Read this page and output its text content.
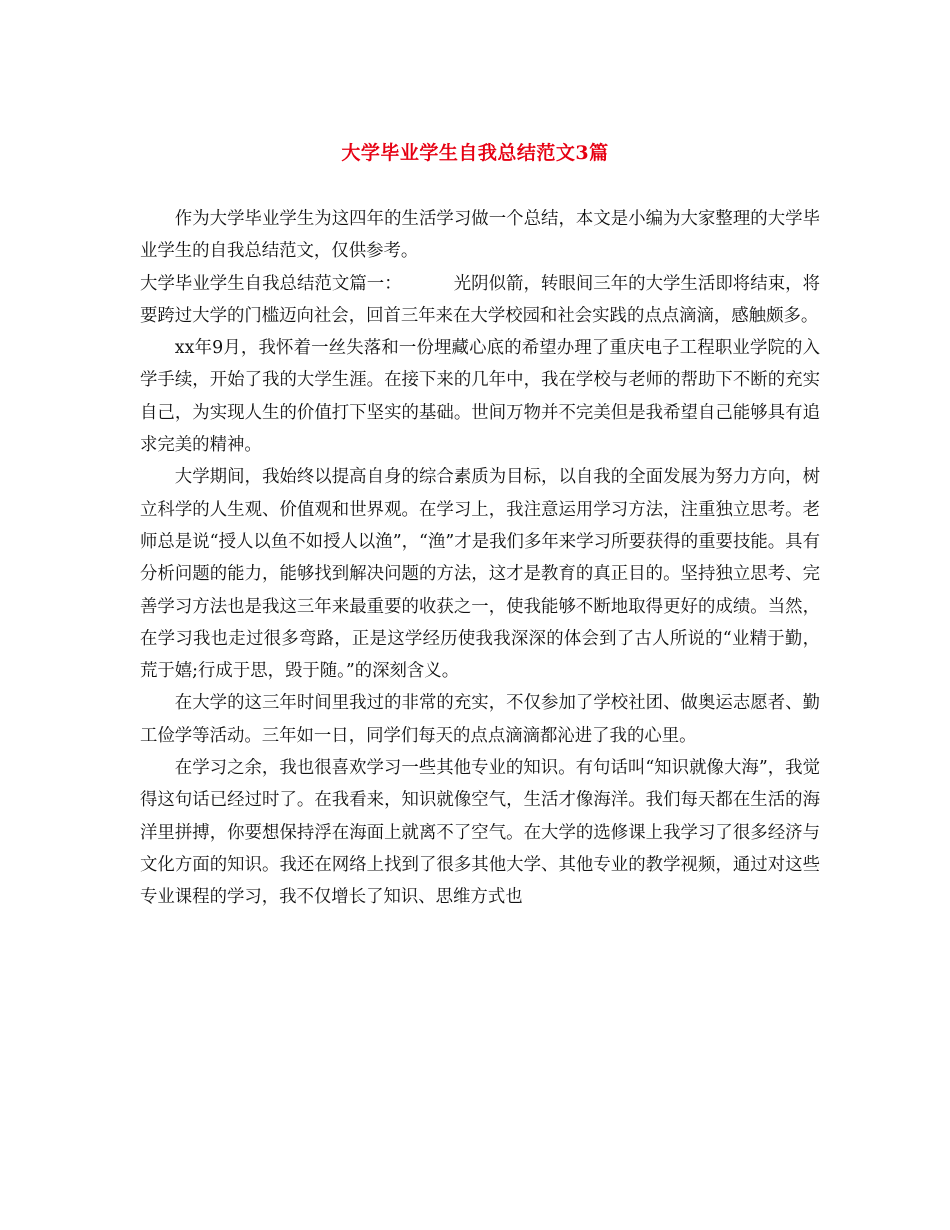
大学毕业学生自我总结范文3篇

作为大学毕业学生为这四年的生活学习做一个总结，本文是小编为大家整理的大学毕业学生的自我总结范文，仅供参考。

大学毕业学生自我总结范文篇一：	光阴似箭，转眼间三年的大学生活即将结束，将要跨过大学的门槛迈向社会，回首三年来在大学校园和社会实践的点点滴滴，感触颇多。

xx年9月，我怀着一丝失落和一份埋藏心底的希望办理了重庆电子工程职业学院的入学手续，开始了我的大学生涯。在接下来的几年中，我在学校与老师的帮助下不断的充实自己，为实现人生的价值打下坚实的基础。世间万物并不完美但是我希望自己能够具有追求完美的精神。

大学期间，我始终以提高自身的综合素质为目标，以自我的全面发展为努力方向，树立科学的人生观、价值观和世界观。在学习上，我注意运用学习方法，注重独立思考。老师总是说“授人以鱼不如授人以渔”，“渔”才是我们多年来学习所要获得的重要技能。具有分析问题的能力，能够找到解决问题的方法，这才是教育的真正目的。坚持独立思考、完善学习方法也是我这三年来最重要的收获之一，使我能够不断地取得更好的成绩。当然，在学习我也走过很多弯路，正是这学经历使我我深深的体会到了古人所说的“业精于勤，荒于嬉;行成于思，毁于随。”的深刻含义。

在大学的这三年时间里我过的非常的充实，不仅参加了学校社团、做奥运志愿者、勤工俭学等活动。三年如一日，同学们每天的点点滴滴都沁进了我的心里。

在学习之余，我也很喜欢学习一些其他专业的知识。有句话叫“知识就像大海”，我觉得这句话已经过时了。在我看来，知识就像空气，生活才像海洋。我们每天都在生活的海洋里拼搏，你要想保持浮在海面上就离不了空气。在大学的选修课上我学习了很多经济与文化方面的知识。我还在网络上找到了很多其他大学、其他专业的教学视频，通过对这些专业课程的学习，我不仅增长了知识、思维方式也
